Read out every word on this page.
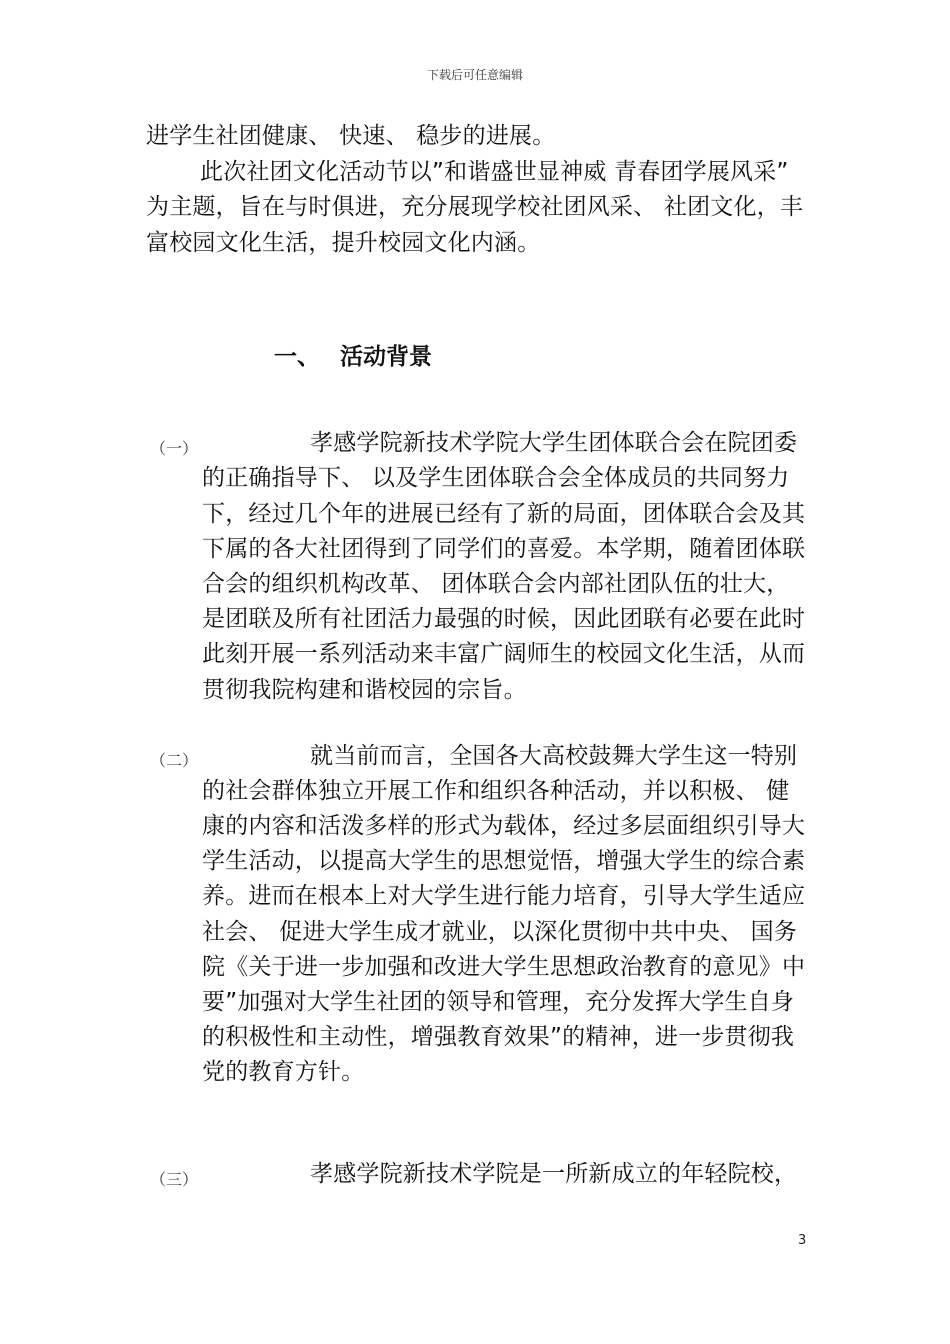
下载后可任意编辑
进学生社团健康、 快速、 稳步的进展。
此次社团文化活动节以”和谐盛世显神威 青春团学展风采”
为主题，旨在与时俱进，充分展现学校社团风采、 社团文化，丰
富校园文化生活，提升校园文化内涵。
一、 活动背景
（一）	孝感学院新技术学院大学生团体联合会在院团委
的正确指导下、 以及学生团体联合会全体成员的共同努力
下，经过几个年的进展已经有了新的局面，团体联合会及其
下属的各大社团得到了同学们的喜爱。本学期，随着团体联
合会的组织机构改革、 团体联合会内部社团队伍的壮大，
是团联及所有社团活力最强的时候，因此团联有必要在此时
此刻开展一系列活动来丰富广阔师生的校园文化生活，从而
贯彻我院构建和谐校园的宗旨。
（二）	就当前而言，全国各大高校鼓舞大学生这一特别
的社会群体独立开展工作和组织各种活动，并以积极、 健
康的内容和活泼多样的形式为载体，经过多层面组织引导大
学生活动，以提高大学生的思想觉悟，增强大学生的综合素
养。进而在根本上对大学生进行能力培育，引导大学生适应
社会、 促进大学生成才就业，以深化贯彻中共中央、 国务
院《关于进一步加强和改进大学生思想政治教育的意见》中
要”加强对大学生社团的领导和管理，充分发挥大学生自身
的积极性和主动性，增强教育效果”的精神，进一步贯彻我
党的教育方针。
（三）	孝感学院新技术学院是一所新成立的年轻院校，
3
